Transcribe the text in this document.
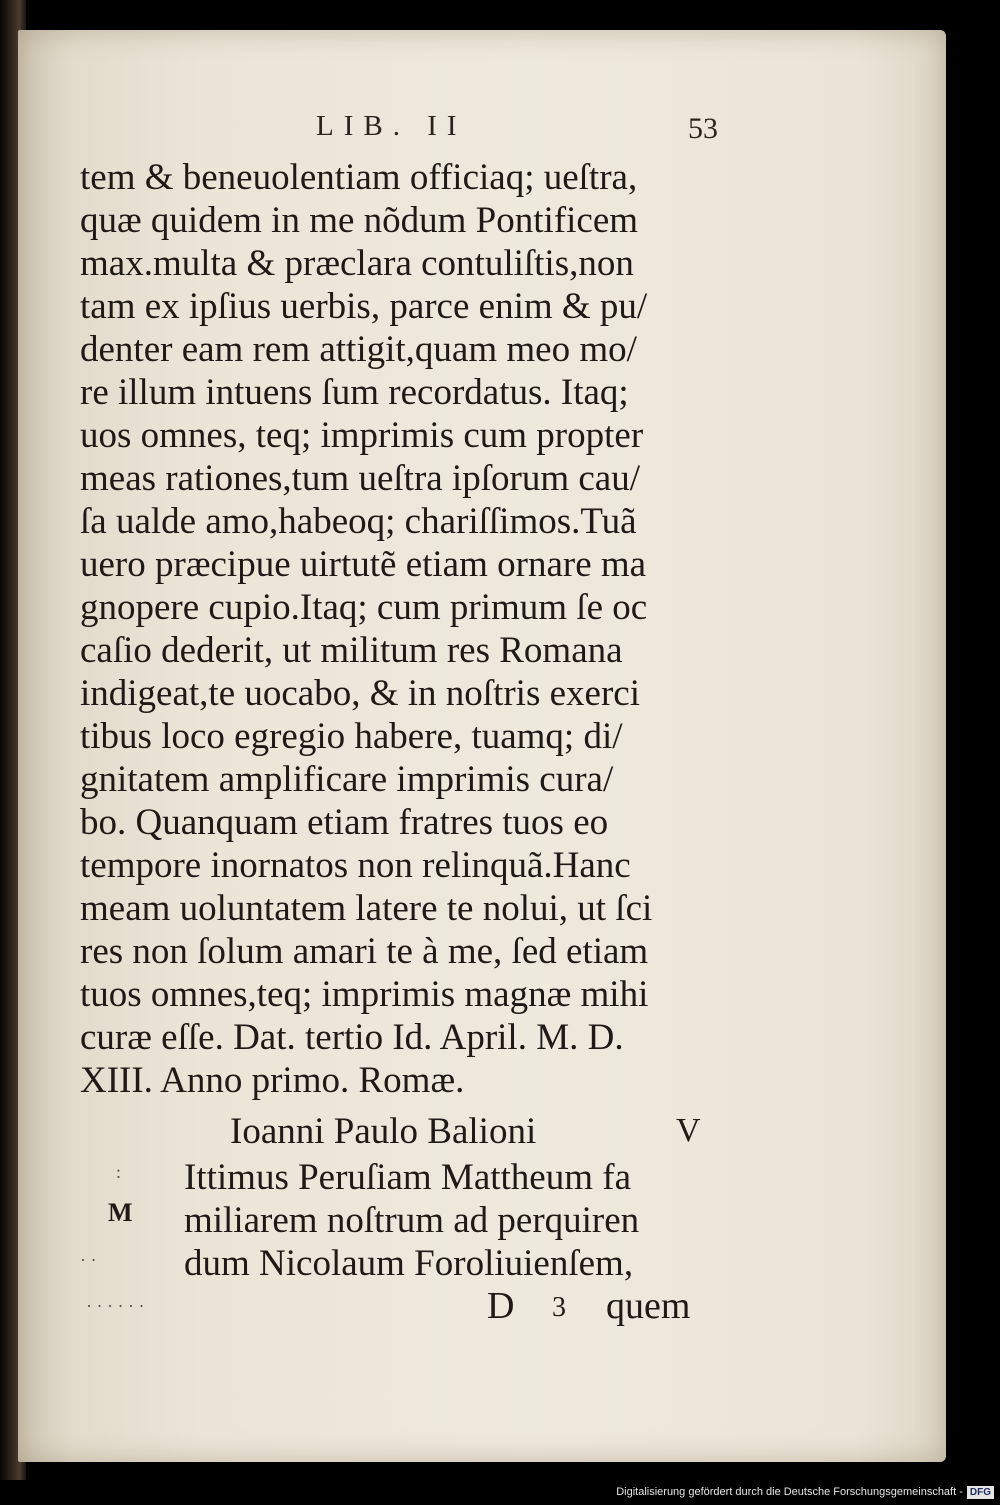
LIB. II	53
tem & beneuolentiam officiaq; ueſtra,
quæ quidem in me nõdum Pontificem
max.multa & præclara contuliſtis,non
tam ex ipſius uerbis, parce enim & pu/
denter eam rem attigit,quam meo mo/
re illum intuens ſum recordatus. Itaq;
uos omnes, teq; imprimis cum propter
meas rationes,tum ueſtra ipſorum cau/
ſa ualde amo,habeoq; chariſſimos.Tuã
uero præcipue uirtutẽ etiam ornare ma
gnopere cupio.Itaq; cum primum ſe oc
caſio dederit, ut militum res Romana
indigeat,te uocabo, & in noſtris exerci
tibus loco egregio habere, tuamq; di/
gnitatem amplificare imprimis cura/
bo. Quanquam etiam fratres tuos eo
tempore inornatos non relinquã.Hanc
meam uoluntatem latere te nolui, ut ſci
res non ſolum amari te à me, ſed etiam
tuos omnes,teq; imprimis magnæ mihi
curæ eſſe. Dat. tertio Id. April. M. D.
XIII. Anno primo. Romæ.
Ioanni Paulo Balioni	V
Ittimus Peruſiam Mattheum fa
miliarem noſtrum ad perquiren
dum Nicolaum Foroliuienſem,
M
:
· ·
· · · · · ·	D 3 quem
Digitalisierung gefördert durch die Deutsche Forschungsgemeinschaft - DFG
